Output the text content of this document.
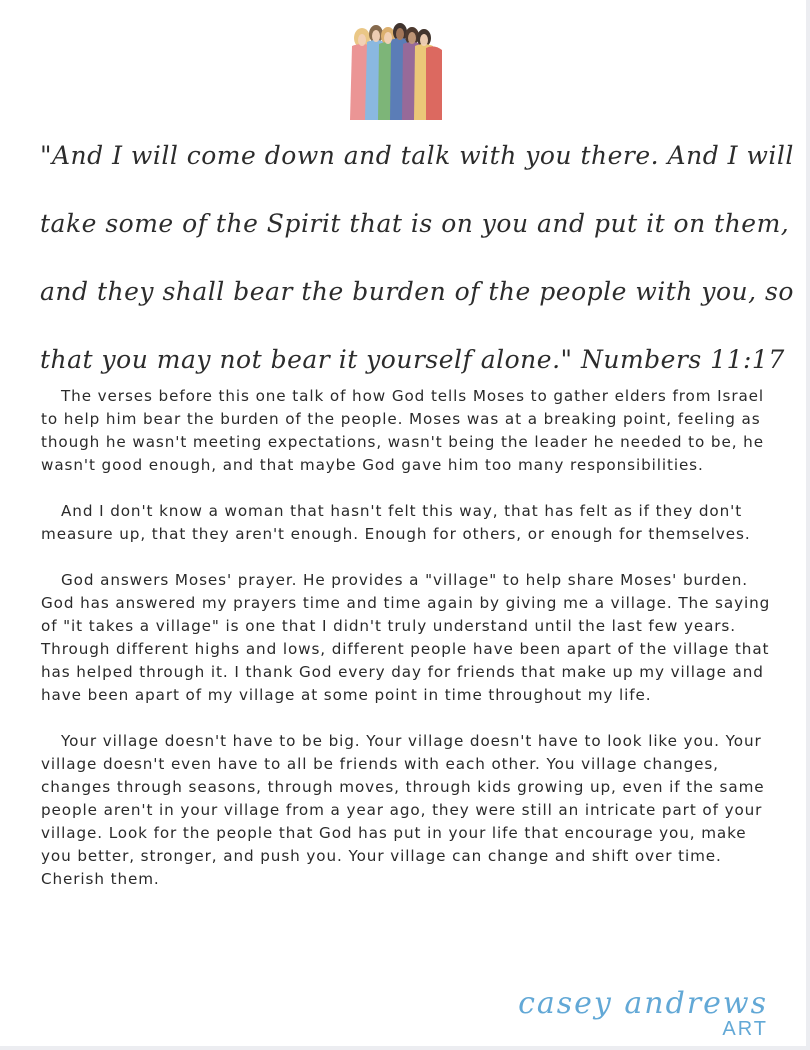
"And I will come down and talk with you there. And I will
take some of the Spirit that is on you and put it on them,
and they shall bear the burden of the people with you, so
that you may not bear it yourself alone." Numbers 11:17

The verses before this one talk of how God tells Moses to gather elders from Israel to help him bear the burden of the people. Moses was at a breaking point, feeling as though he wasn't meeting expectations, wasn't being the leader he needed to be, he wasn't good enough, and that maybe God gave him too many responsibilities.

And I don't know a woman that hasn't felt this way, that has felt as if they don't measure up, that they aren't enough. Enough for others, or enough for themselves.

God answers Moses' prayer. He provides a "village" to help share Moses' burden. God has answered my prayers time and time again by giving me a village. The saying of "it takes a village" is one that I didn't truly understand until the last few years. Through different highs and lows, different people have been apart of the village that has helped through it. I thank God every day for friends that make up my village and have been apart of my village at some point in time throughout my life.

Your village doesn't have to be big. Your village doesn't have to look like you. Your village doesn't even have to all be friends with each other. You village changes, changes through seasons, through moves, through kids growing up, even if the same people aren't in your village from a year ago, they were still an intricate part of your village. Look for the people that God has put in your life that encourage you, make you better, stronger, and push you. Your village can change and shift over time. Cherish them.

casey andrews
ART
